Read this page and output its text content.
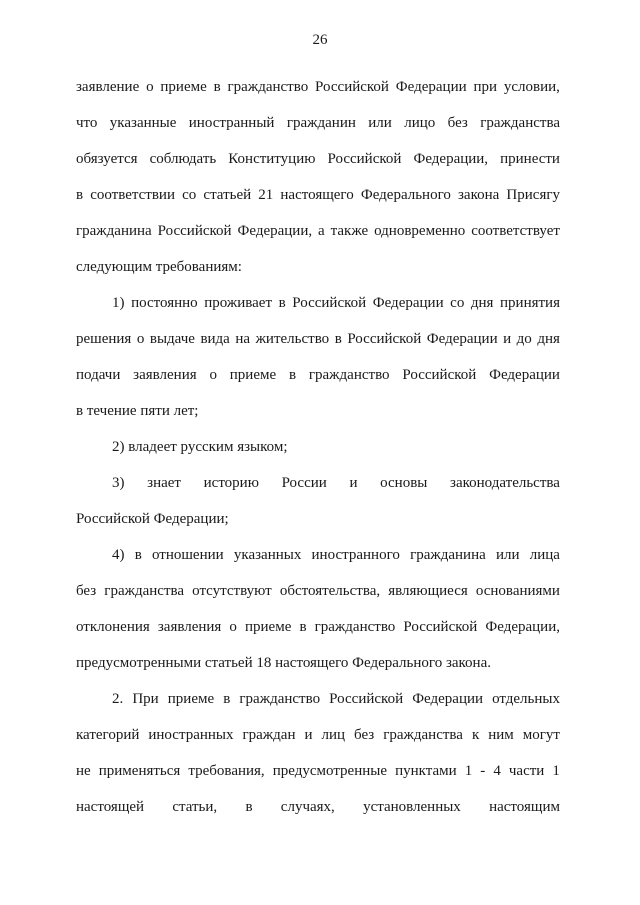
26
заявление о приеме в гражданство Российской Федерации при условии,
что указанные иностранный гражданин или лицо без гражданства
обязуется соблюдать Конституцию Российской Федерации, принести
в соответствии со статьей 21 настоящего Федерального закона Присягу
гражданина Российской Федерации, а также одновременно соответствует
следующим требованиям:
1) постоянно проживает в Российской Федерации со дня принятия
решения о выдаче вида на жительство в Российской Федерации и до дня
подачи заявления о приеме в гражданство Российской Федерации
в течение пяти лет;
2) владеет русским языком;
3) знает историю России и основы законодательства
Российской Федерации;
4) в отношении указанных иностранного гражданина или лица
без гражданства отсутствуют обстоятельства, являющиеся основаниями
отклонения заявления о приеме в гражданство Российской Федерации,
предусмотренными статьей 18 настоящего Федерального закона.
2. При приеме в гражданство Российской Федерации отдельных
категорий иностранных граждан и лиц без гражданства к ним могут
не применяться требования, предусмотренные пунктами 1 - 4 части 1
настоящей статьи, в случаях, установленных настоящим
